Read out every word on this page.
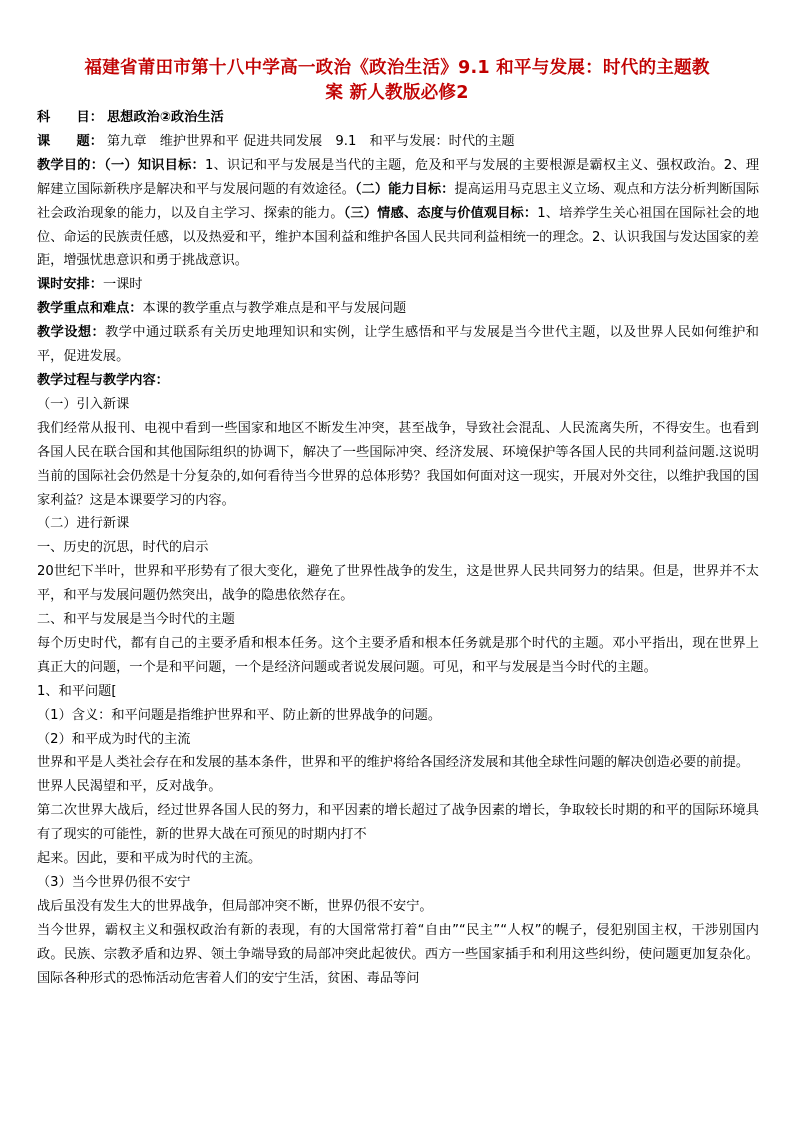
福建省莆田市第十八中学高一政治《政治生活》9.1 和平与发展：时代的主题教
案 新人教版必修2

科　　目： 思想政治②政治生活

课　　题： 第九章　维护世界和平 促进共同发展　9.1　和平与发展：时代的主题

教学目的：（一）知识目标：1、识记和平与发展是当代的主题，危及和平与发展的主要根源是霸权主义、强权政治。2、理解建立国际新秩序是解决和平与发展问题的有效途径。（二）能力目标：提高运用马克思主义立场、观点和方法分析判断国际社会政治现象的能力，以及自主学习、探索的能力。（三）情感、态度与价值观目标：1、培养学生关心祖国在国际社会的地位、命运的民族责任感，以及热爱和平，维护本国利益和维护各国人民共同利益相统一的理念。2、认识我国与发达国家的差距，增强忧患意识和勇于挑战意识。

课时安排：一课时

教学重点和难点：本课的教学重点与教学难点是和平与发展问题

教学设想：教学中通过联系有关历史地理知识和实例，让学生感悟和平与发展是当今世代主题，以及世界人民如何维护和平，促进发展。

教学过程与教学内容：

（一）引入新课

我们经常从报刊、电视中看到一些国家和地区不断发生冲突，甚至战争，导致社会混乱、人民流离失所，不得安生。也看到各国人民在联合国和其他国际组织的协调下，解决了一些国际冲突、经济发展、环境保护等各国人民的共同利益问题.这说明当前的国际社会仍然是十分复杂的,如何看待当今世界的总体形势？我国如何面对这一现实，开展对外交往，以维护我国的国家利益？这是本课要学习的内容。

（二）进行新课

一、历史的沉思，时代的启示

20世纪下半叶，世界和平形势有了很大变化，避免了世界性战争的发生，这是世界人民共同努力的结果。但是，世界并不太平，和平与发展问题仍然突出，战争的隐患依然存在。

二、和平与发展是当今时代的主题

每个历史时代，都有自己的主要矛盾和根本任务。这个主要矛盾和根本任务就是那个时代的主题。邓小平指出，现在世界上真正大的问题，一个是和平问题，一个是经济问题或者说发展问题。可见，和平与发展是当今时代的主题。

1、和平问题[

（1）含义：和平问题是指维护世界和平、防止新的世界战争的问题。

（2）和平成为时代的主流

世界和平是人类社会存在和发展的基本条件，世界和平的维护将给各国经济发展和其他全球性问题的解决创造必要的前提。

世界人民渴望和平，反对战争。

第二次世界大战后，经过世界各国人民的努力，和平因素的增长超过了战争因素的增长，争取较长时期的和平的国际环境具有了现实的可能性，新的世界大战在可预见的时期内打不

起来。因此，要和平成为时代的主流。

（3）当今世界仍很不安宁

战后虽没有发生大的世界战争，但局部冲突不断，世界仍很不安宁。

当今世界，霸权主义和强权政治有新的表现，有的大国常常打着“自由”“民主”“人权”的幌子，侵犯别国主权，干涉别国内政。民族、宗教矛盾和边界、领土争端导致的局部冲突此起彼伏。西方一些国家插手和利用这些纠纷，使问题更加复杂化。国际各种形式的恐怖活动危害着人们的安宁生活，贫困、毒品等问
